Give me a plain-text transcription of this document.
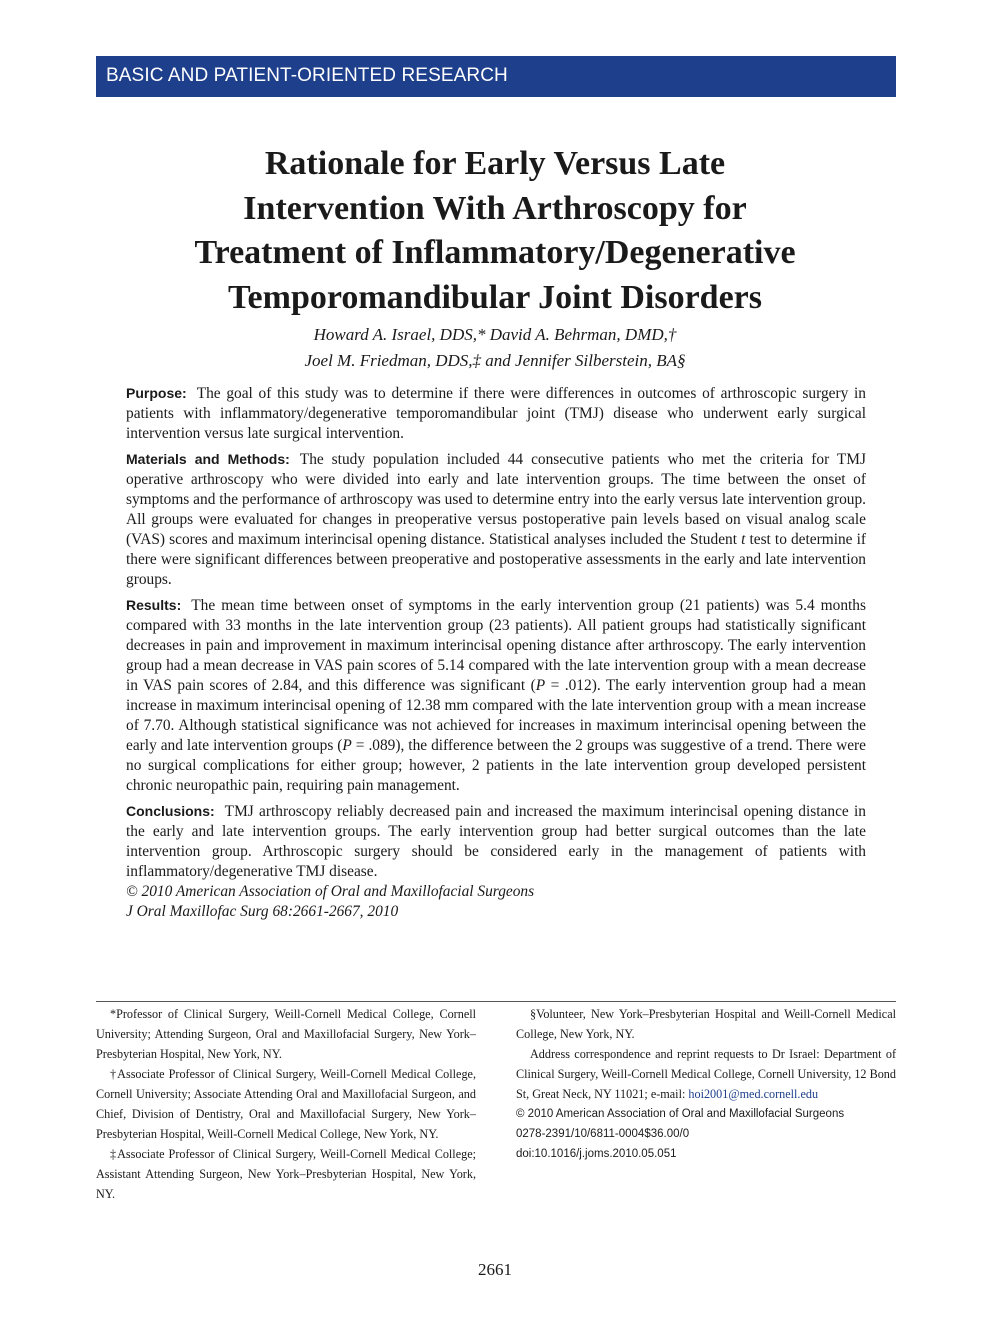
BASIC AND PATIENT-ORIENTED RESEARCH
Rationale for Early Versus Late
Intervention With Arthroscopy for
Treatment of Inflammatory/Degenerative
Temporomandibular Joint Disorders
Howard A. Israel, DDS,* David A. Behrman, DMD,†
Joel M. Friedman, DDS,‡ and Jennifer Silberstein, BA§

Purpose: The goal of this study was to determine if there were differences in outcomes of arthroscopic surgery in patients with inflammatory/degenerative temporomandibular joint (TMJ) disease who underwent early surgical intervention versus late surgical intervention.

Materials and Methods: The study population included 44 consecutive patients who met the criteria for TMJ operative arthroscopy who were divided into early and late intervention groups. The time between the onset of symptoms and the performance of arthroscopy was used to determine entry into the early versus late intervention group. All groups were evaluated for changes in preoperative versus postoperative pain levels based on visual analog scale (VAS) scores and maximum interincisal opening distance. Statistical analyses included the Student t test to determine if there were significant differences between preoperative and postoperative assessments in the early and late intervention groups.

Results: The mean time between onset of symptoms in the early intervention group (21 patients) was 5.4 months compared with 33 months in the late intervention group (23 patients). All patient groups had statistically significant decreases in pain and improvement in maximum interincisal opening distance after arthroscopy. The early intervention group had a mean decrease in VAS pain scores of 5.14 compared with the late intervention group with a mean decrease in VAS pain scores of 2.84, and this difference was significant (P = .012). The early intervention group had a mean increase in maximum interincisal opening of 12.38 mm compared with the late intervention group with a mean increase of 7.70. Although statistical significance was not achieved for increases in maximum interincisal opening between the early and late intervention groups (P = .089), the difference between the 2 groups was suggestive of a trend. There were no surgical complications for either group; however, 2 patients in the late intervention group developed persistent chronic neuropathic pain, requiring pain management.

Conclusions: TMJ arthroscopy reliably decreased pain and increased the maximum interincisal opening distance in the early and late intervention groups. The early intervention group had better surgical outcomes than the late intervention group. Arthroscopic surgery should be considered early in the management of patients with inflammatory/degenerative TMJ disease.

© 2010 American Association of Oral and Maxillofacial Surgeons
J Oral Maxillofac Surg 68:2661-2667, 2010

*Professor of Clinical Surgery, Weill-Cornell Medical College, Cornell University; Attending Surgeon, Oral and Maxillofacial Surgery, New York–Presbyterian Hospital, New York, NY.

†Associate Professor of Clinical Surgery, Weill-Cornell Medical College, Cornell University; Associate Attending Oral and Maxillofacial Surgeon, and Chief, Division of Dentistry, Oral and Maxillofacial Surgery, New York–Presbyterian Hospital, Weill-Cornell Medical College, New York, NY.

‡Associate Professor of Clinical Surgery, Weill-Cornell Medical College; Assistant Attending Surgeon, New York–Presbyterian Hospital, New York, NY.

§Volunteer, New York–Presbyterian Hospital and Weill-Cornell Medical College, New York, NY.

Address correspondence and reprint requests to Dr Israel: Department of Clinical Surgery, Weill-Cornell Medical College, Cornell University, 12 Bond St, Great Neck, NY 11021; e-mail: hoi2001@med.cornell.edu

© 2010 American Association of Oral and Maxillofacial Surgeons

0278-2391/10/6811-0004$36.00/0

doi:10.1016/j.joms.2010.05.051

2661
